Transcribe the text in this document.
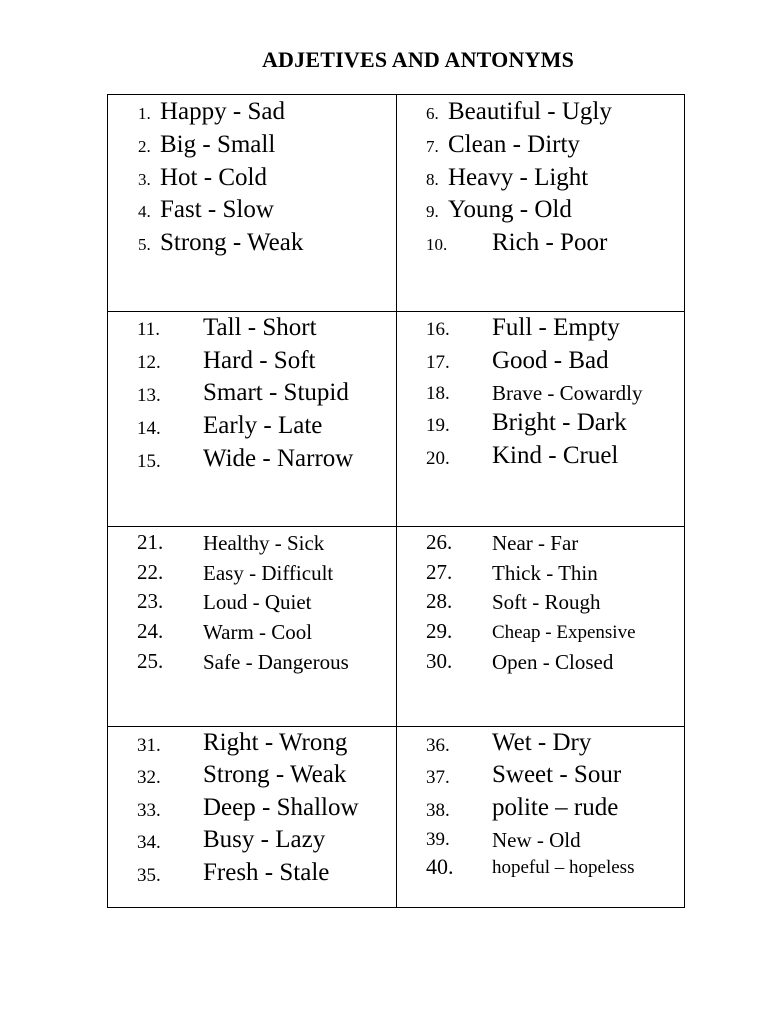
ADJETIVES AND ANTONYMS
1. Happy - Sad
2. Big - Small
3. Hot - Cold
4. Fast - Slow
5. Strong - Weak
6. Beautiful - Ugly
7. Clean - Dirty
8. Heavy - Light
9. Young - Old
10. Rich - Poor
11. Tall - Short
12. Hard - Soft
13. Smart - Stupid
14. Early - Late
15. Wide - Narrow
16. Full - Empty
17. Good - Bad
18. Brave - Cowardly
19. Bright - Dark
20. Kind - Cruel
21. Healthy - Sick
22. Easy - Difficult
23. Loud - Quiet
24. Warm - Cool
25. Safe - Dangerous
26. Near - Far
27. Thick - Thin
28. Soft - Rough
29. Cheap - Expensive
30. Open - Closed
31. Right - Wrong
32. Strong - Weak
33. Deep - Shallow
34. Busy - Lazy
35. Fresh - Stale
36. Wet - Dry
37. Sweet - Sour
38. polite – rude
39. New - Old
40. hopeful – hopeless
